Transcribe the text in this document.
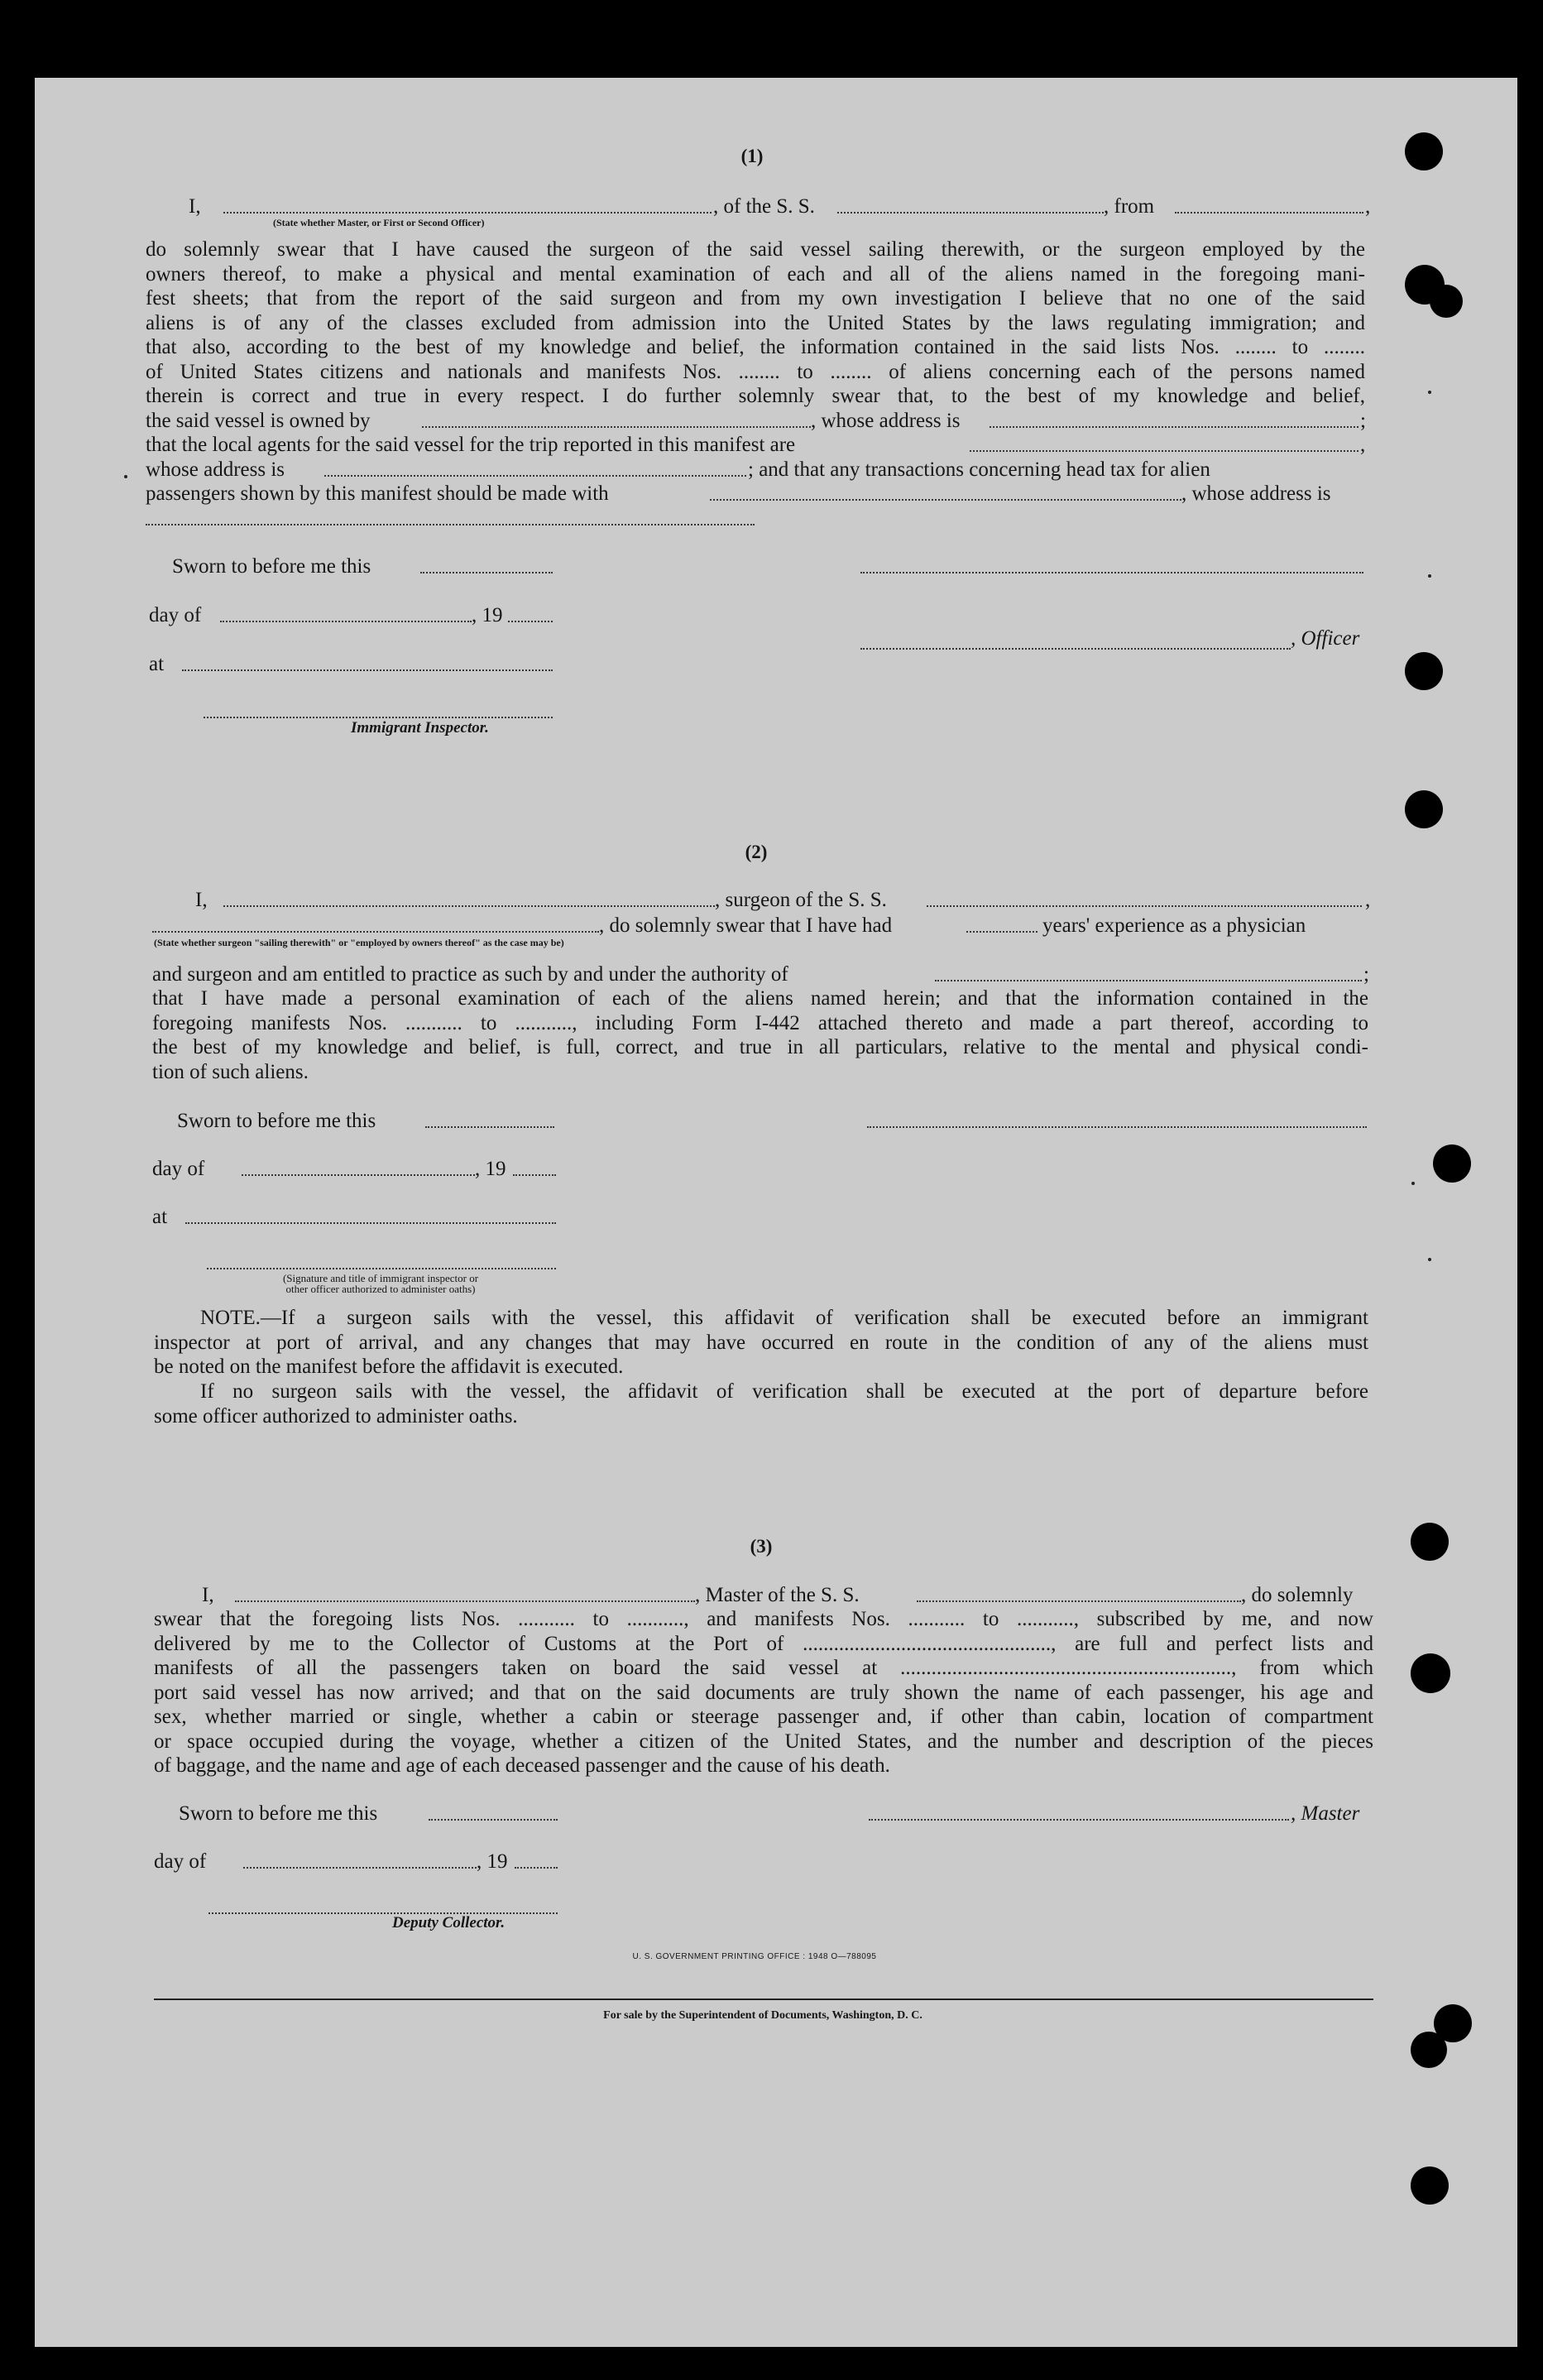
(1)
I,	, of the S. S.	, from	,
(State whether Master, or First or Second Officer)
do solemnly swear that I have caused the surgeon of the said vessel sailing therewith, or the surgeon employed by the
owners thereof, to make a physical and mental examination of each and all of the aliens named in the foregoing mani-
fest sheets; that from the report of the said surgeon and from my own investigation I believe that no one of the said
aliens is of any of the classes excluded from admission into the United States by the laws regulating immigration; and
that also, according to the best of my knowledge and belief, the information contained in the said lists Nos. ........ to ........
of United States citizens and nationals and manifests Nos. ........ to ........ of aliens concerning each of the persons named
therein is correct and true in every respect. I do further solemnly swear that, to the best of my knowledge and belief,
the said vessel is owned by	, whose address is	;
that the local agents for the said vessel for the trip reported in this manifest are	,
whose address is	; and that any transactions concerning head tax for alien
passengers shown by this manifest should be made with	, whose address is
Sworn to before me this
day of	, 19
, Officer
at
Immigrant Inspector.
(2)
I,	, surgeon of the S. S.	,
, do solemnly swear that I have had	years' experience as a physician
(State whether surgeon "sailing therewith" or "employed by owners thereof" as the case may be)
and surgeon and am entitled to practice as such by and under the authority of	;
that I have made a personal examination of each of the aliens named herein; and that the information contained in the
foregoing manifests Nos. ........... to ..........., including Form I-442 attached thereto and made a part thereof, according to
the best of my knowledge and belief, is full, correct, and true in all particulars, relative to the mental and physical condi-
tion of such aliens.
Sworn to before me this
day of	, 19
at
(Signature and title of immigrant inspector or
other officer authorized to administer oaths)
NOTE.—If a surgeon sails with the vessel, this affidavit of verification shall be executed before an immigrant
inspector at port of arrival, and any changes that may have occurred en route in the condition of any of the aliens must
be noted on the manifest before the affidavit is executed.
If no surgeon sails with the vessel, the affidavit of verification shall be executed at the port of departure before
some officer authorized to administer oaths.
(3)
I,	, Master of the S. S.	, do solemnly
swear that the foregoing lists Nos. ........... to ..........., and manifests Nos. ........... to ..........., subscribed by me, and now
delivered by me to the Collector of Customs at the Port of ................................................, are full and perfect lists and
manifests of all the passengers taken on board the said vessel at ................................................................, from which
port said vessel has now arrived; and that on the said documents are truly shown the name of each passenger, his age and
sex, whether married or single, whether a cabin or steerage passenger and, if other than cabin, location of compartment
or space occupied during the voyage, whether a citizen of the United States, and the number and description of the pieces
of baggage, and the name and age of each deceased passenger and the cause of his death.
Sworn to before me this	, Master
day of	, 19
Deputy Collector.
U. S. GOVERNMENT PRINTING OFFICE : 1948 O—788095
For sale by the Superintendent of Documents, Washington, D. C.
